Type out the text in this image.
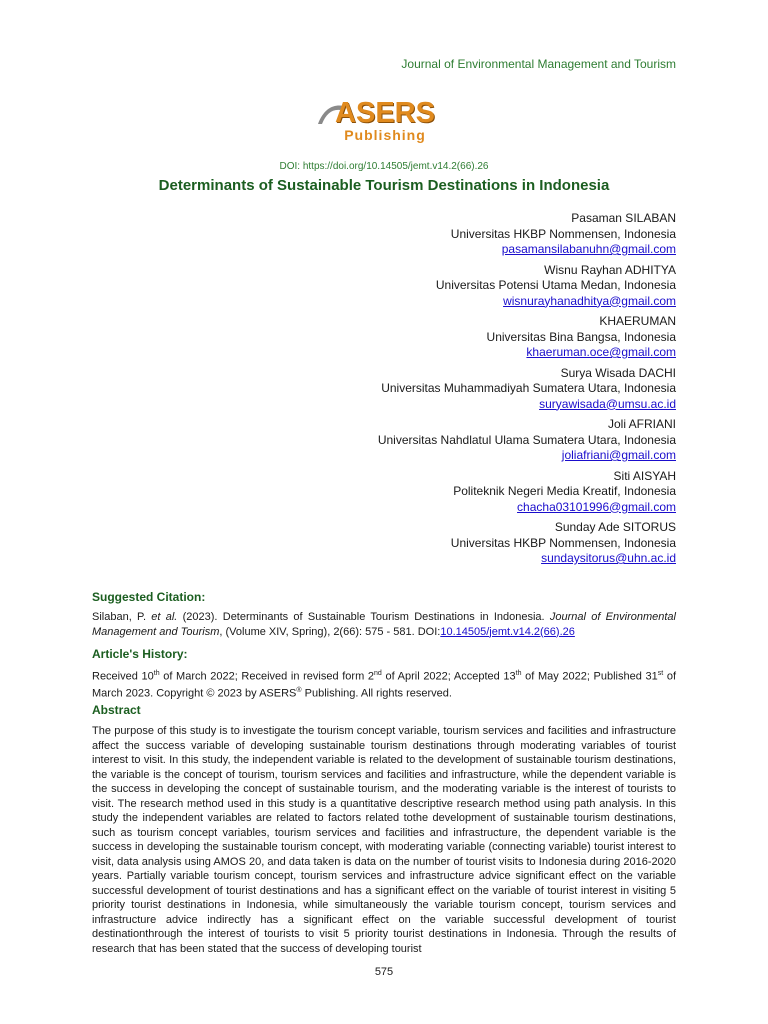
Journal of Environmental Management and Tourism
ASERS
Publishing
DOI: https://doi.org/10.14505/jemt.v14.2(66).26
Determinants of Sustainable Tourism Destinations in Indonesia
Pasaman SILABAN
Universitas HKBP Nommensen, Indonesia
pasamansilabanuhn@gmail.com
Wisnu Rayhan ADHITYA
Universitas Potensi Utama Medan, Indonesia
wisnurayhanadhitya@gmail.com
KHAERUMAN
Universitas Bina Bangsa, Indonesia
khaeruman.oce@gmail.com
Surya Wisada DACHI
Universitas Muhammadiyah Sumatera Utara, Indonesia
suryawisada@umsu.ac.id
Joli AFRIANI
Universitas Nahdlatul Ulama Sumatera Utara, Indonesia
joliafriani@gmail.com
Siti AISYAH
Politeknik Negeri Media Kreatif, Indonesia
chacha03101996@gmail.com
Sunday Ade SITORUS
Universitas HKBP Nommensen, Indonesia
sundaysitorus@uhn.ac.id
Suggested Citation:
Silaban, P. et al. (2023). Determinants of Sustainable Tourism Destinations in Indonesia. Journal of Environmental Management and Tourism, (Volume XIV, Spring), 2(66): 575 - 581. DOI:10.14505/jemt.v14.2(66).26
Article's History:
Received 10th of March 2022; Received in revised form 2nd of April 2022; Accepted 13th of May 2022; Published 31st of March 2023. Copyright © 2023 by ASERS® Publishing. All rights reserved.
Abstract
The purpose of this study is to investigate the tourism concept variable, tourism services and facilities and infrastructure affect the success variable of developing sustainable tourism destinations through moderating variables of tourist interest to visit. In this study, the independent variable is related to the development of sustainable tourism destinations, the variable is the concept of tourism, tourism services and facilities and infrastructure, while the dependent variable is the success in developing the concept of sustainable tourism, and the moderating variable is the interest of tourists to visit. The research method used in this study is a quantitative descriptive research method using path analysis. In this study the independent variables are related to factors related tothe development of sustainable tourism destinations, such as tourism concept variables, tourism services and facilities and infrastructure, the dependent variable is the success in developing the sustainable tourism concept, with moderating variable (connecting variable) tourist interest to visit, data analysis using AMOS 20, and data taken is data on the number of tourist visits to Indonesia during 2016-2020 years. Partially variable tourism concept, tourism services and infrastructure advice significant effect on the variable successful development of tourist destinations and has a significant effect on the variable of tourist interest in visiting 5 priority tourist destinations in Indonesia, while simultaneously the variable tourism concept, tourism services and infrastructure advice indirectly has a significant effect on the variable successful development of tourist destinationthrough the interest of tourists to visit 5 priority tourist destinations in Indonesia. Through the results of research that has been stated that the success of developing tourist
575
